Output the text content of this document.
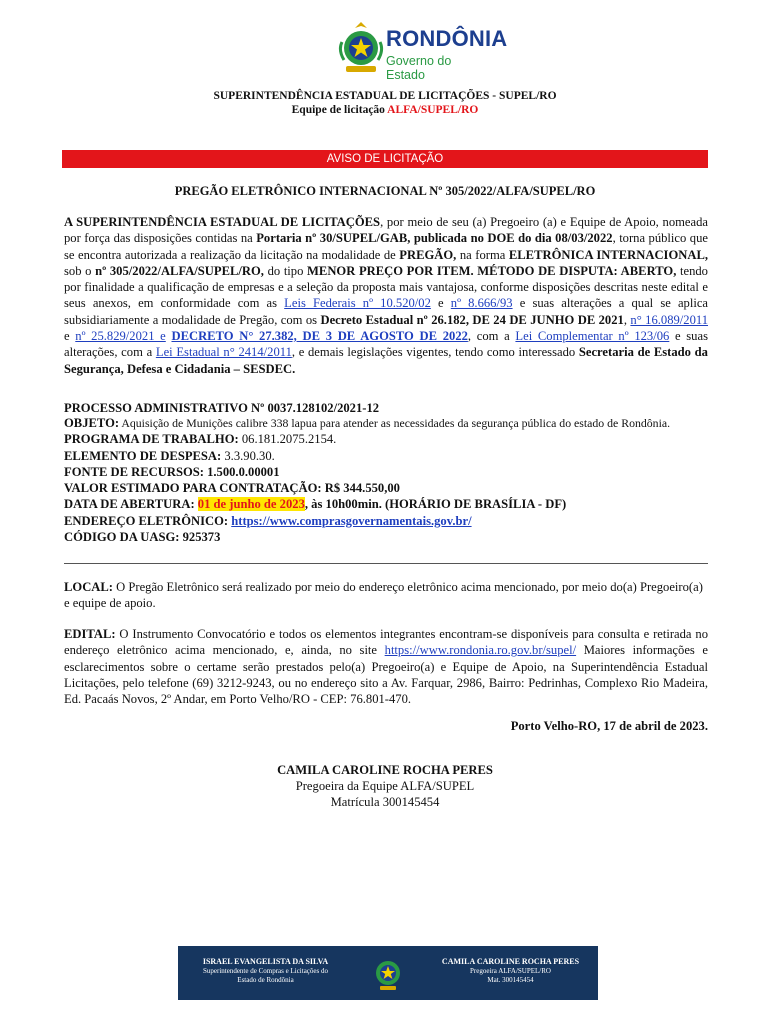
RONDÔNIA
Governo do Estado
SUPERINTENDÊNCIA ESTADUAL DE LICITAÇÕES - SUPEL/RO
Equipe de licitação ALFA/SUPEL/RO
AVISO DE LICITAÇÃO
PREGÃO ELETRÔNICO INTERNACIONAL Nº 305/2022/ALFA/SUPEL/RO
A SUPERINTENDÊNCIA ESTADUAL DE LICITAÇÕES, por meio de seu (a) Pregoeiro (a) e Equipe de Apoio, nomeada por força das disposições contidas na Portaria nº 30/SUPEL/GAB, publicada no DOE do dia 08/03/2022, torna público que se encontra autorizada a realização da licitação na modalidade de PREGÃO, na forma ELETRÔNICA INTERNACIONAL, sob o nº 305/2022/ALFA/SUPEL/RO, do tipo MENOR PREÇO POR ITEM. MÉTODO DE DISPUTA: ABERTO, tendo por finalidade a qualificação de empresas e a seleção da proposta mais vantajosa, conforme disposições descritas neste edital e seus anexos, em conformidade com as Leis Federais nº 10.520/02 e nº 8.666/93 e suas alterações a qual se aplica subsidiariamente a modalidade de Pregão, com os Decreto Estadual nº 26.182, DE 24 DE JUNHO DE 2021, n° 16.089/2011 e nº 25.829/2021 e DECRETO N° 27.382, DE 3 DE AGOSTO DE 2022, com a Lei Complementar nº 123/06 e suas alterações, com a Lei Estadual n° 2414/2011, e demais legislações vigentes, tendo como interessado Secretaria de Estado da Segurança, Defesa e Cidadania – SESDEC.
PROCESSO ADMINISTRATIVO Nº 0037.128102/2021-12
OBJETO: Aquisição de Munições calibre 338 lapua para atender as necessidades da segurança pública do estado de Rondônia.
PROGRAMA DE TRABALHO: 06.181.2075.2154.
ELEMENTO DE DESPESA: 3.3.90.30.
FONTE DE RECURSOS: 1.500.0.00001
VALOR ESTIMADO PARA CONTRATAÇÃO: R$ 344.550,00
DATA DE ABERTURA: 01 de junho de 2023, às 10h00min. (HORÁRIO DE BRASÍLIA - DF)
ENDEREÇO ELETRÔNICO: https://www.comprasgovernamentais.gov.br/
CÓDIGO DA UASG: 925373
LOCAL: O Pregão Eletrônico será realizado por meio do endereço eletrônico acima mencionado, por meio do(a) Pregoeiro(a) e equipe de apoio.
EDITAL: O Instrumento Convocatório e todos os elementos integrantes encontram-se disponíveis para consulta e retirada no endereço eletrônico acima mencionado, e, ainda, no site https://www.rondonia.ro.gov.br/supel/ Maiores informações e esclarecimentos sobre o certame serão prestados pelo(a) Pregoeiro(a) e Equipe de Apoio, na Superintendência Estadual Licitações, pelo telefone (69) 3212-9243, ou no endereço sito a Av. Farquar, 2986, Bairro: Pedrinhas, Complexo Rio Madeira, Ed. Pacaás Novos, 2º Andar, em Porto Velho/RO - CEP: 76.801-470.
Porto Velho-RO, 17 de abril de 2023.
CAMILA CAROLINE ROCHA PERES
Pregoeira da Equipe ALFA/SUPEL
Matrícula 300145454
ISRAEL EVANGELISTA DA SILVA
Superintendente de Compras e Licitações do
Estado de Rondônia
CAMILA CAROLINE ROCHA PERES
Pregoeira ALFA/SUPEL/RO
Mat. 300145454
